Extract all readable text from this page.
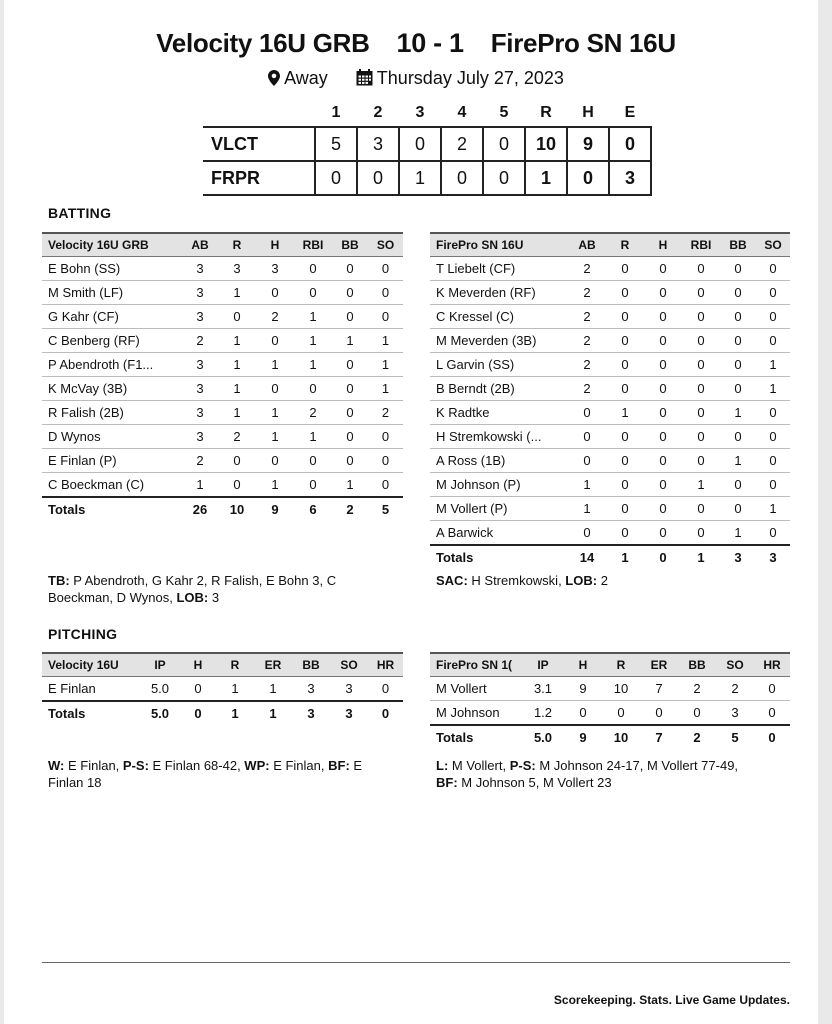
Velocity 16U GRB 10 - 1 FirePro SN 16U
Away	Thursday July 27, 2023
	1	2	3	4	5	R	H	E
VLCT	5	3	0	2	0	10	9	0
FRPR	0	0	1	0	0	1	0	3
BATTING
Velocity 16U GRB	AB	R	H	RBI	BB	SO
E Bohn (SS)	3	3	3	0	0	0
M Smith (LF)	3	1	0	0	0	0
G Kahr (CF)	3	0	2	1	0	0
C Benberg (RF)	2	1	0	1	1	1
P Abendroth (F1...	3	1	1	1	0	1
K McVay (3B)	3	1	0	0	0	1
R Falish (2B)	3	1	1	2	0	2
D Wynos	3	2	1	1	0	0
E Finlan (P)	2	0	0	0	0	0
C Boeckman (C)	1	0	1	0	1	0
Totals	26	10	9	6	2	5
FirePro SN 16U	AB	R	H	RBI	BB	SO
T Liebelt (CF)	2	0	0	0	0	0
K Meverden (RF)	2	0	0	0	0	0
C Kressel (C)	2	0	0	0	0	0
M Meverden (3B)	2	0	0	0	0	0
L Garvin (SS)	2	0	0	0	0	1
B Berndt (2B)	2	0	0	0	0	1
K Radtke	0	1	0	0	1	0
H Stremkowski (...	0	0	0	0	0	0
A Ross (1B)	0	0	0	0	1	0
M Johnson (P)	1	0	0	1	0	0
M Vollert (P)	1	0	0	0	0	1
A Barwick	0	0	0	0	1	0
Totals	14	1	0	1	3	3
TB: P Abendroth, G Kahr 2, R Falish, E Bohn 3, C Boeckman, D Wynos, LOB: 3
SAC: H Stremkowski, LOB: 2
PITCHING
Velocity 16U	IP	H	R	ER	BB	SO	HR
E Finlan	5.0	0	1	1	3	3	0
Totals	5.0	0	1	1	3	3	0
FirePro SN 1(	IP	H	R	ER	BB	SO	HR
M Vollert	3.1	9	10	7	2	2	0
M Johnson	1.2	0	0	0	0	3	0
Totals	5.0	9	10	7	2	5	0
W: E Finlan, P-S: E Finlan 68-42, WP: E Finlan, BF: E Finlan 18
L: M Vollert, P-S: M Johnson 24-17, M Vollert 77-49,
BF: M Johnson 5, M Vollert 23
Scorekeeping. Stats. Live Game Updates.
